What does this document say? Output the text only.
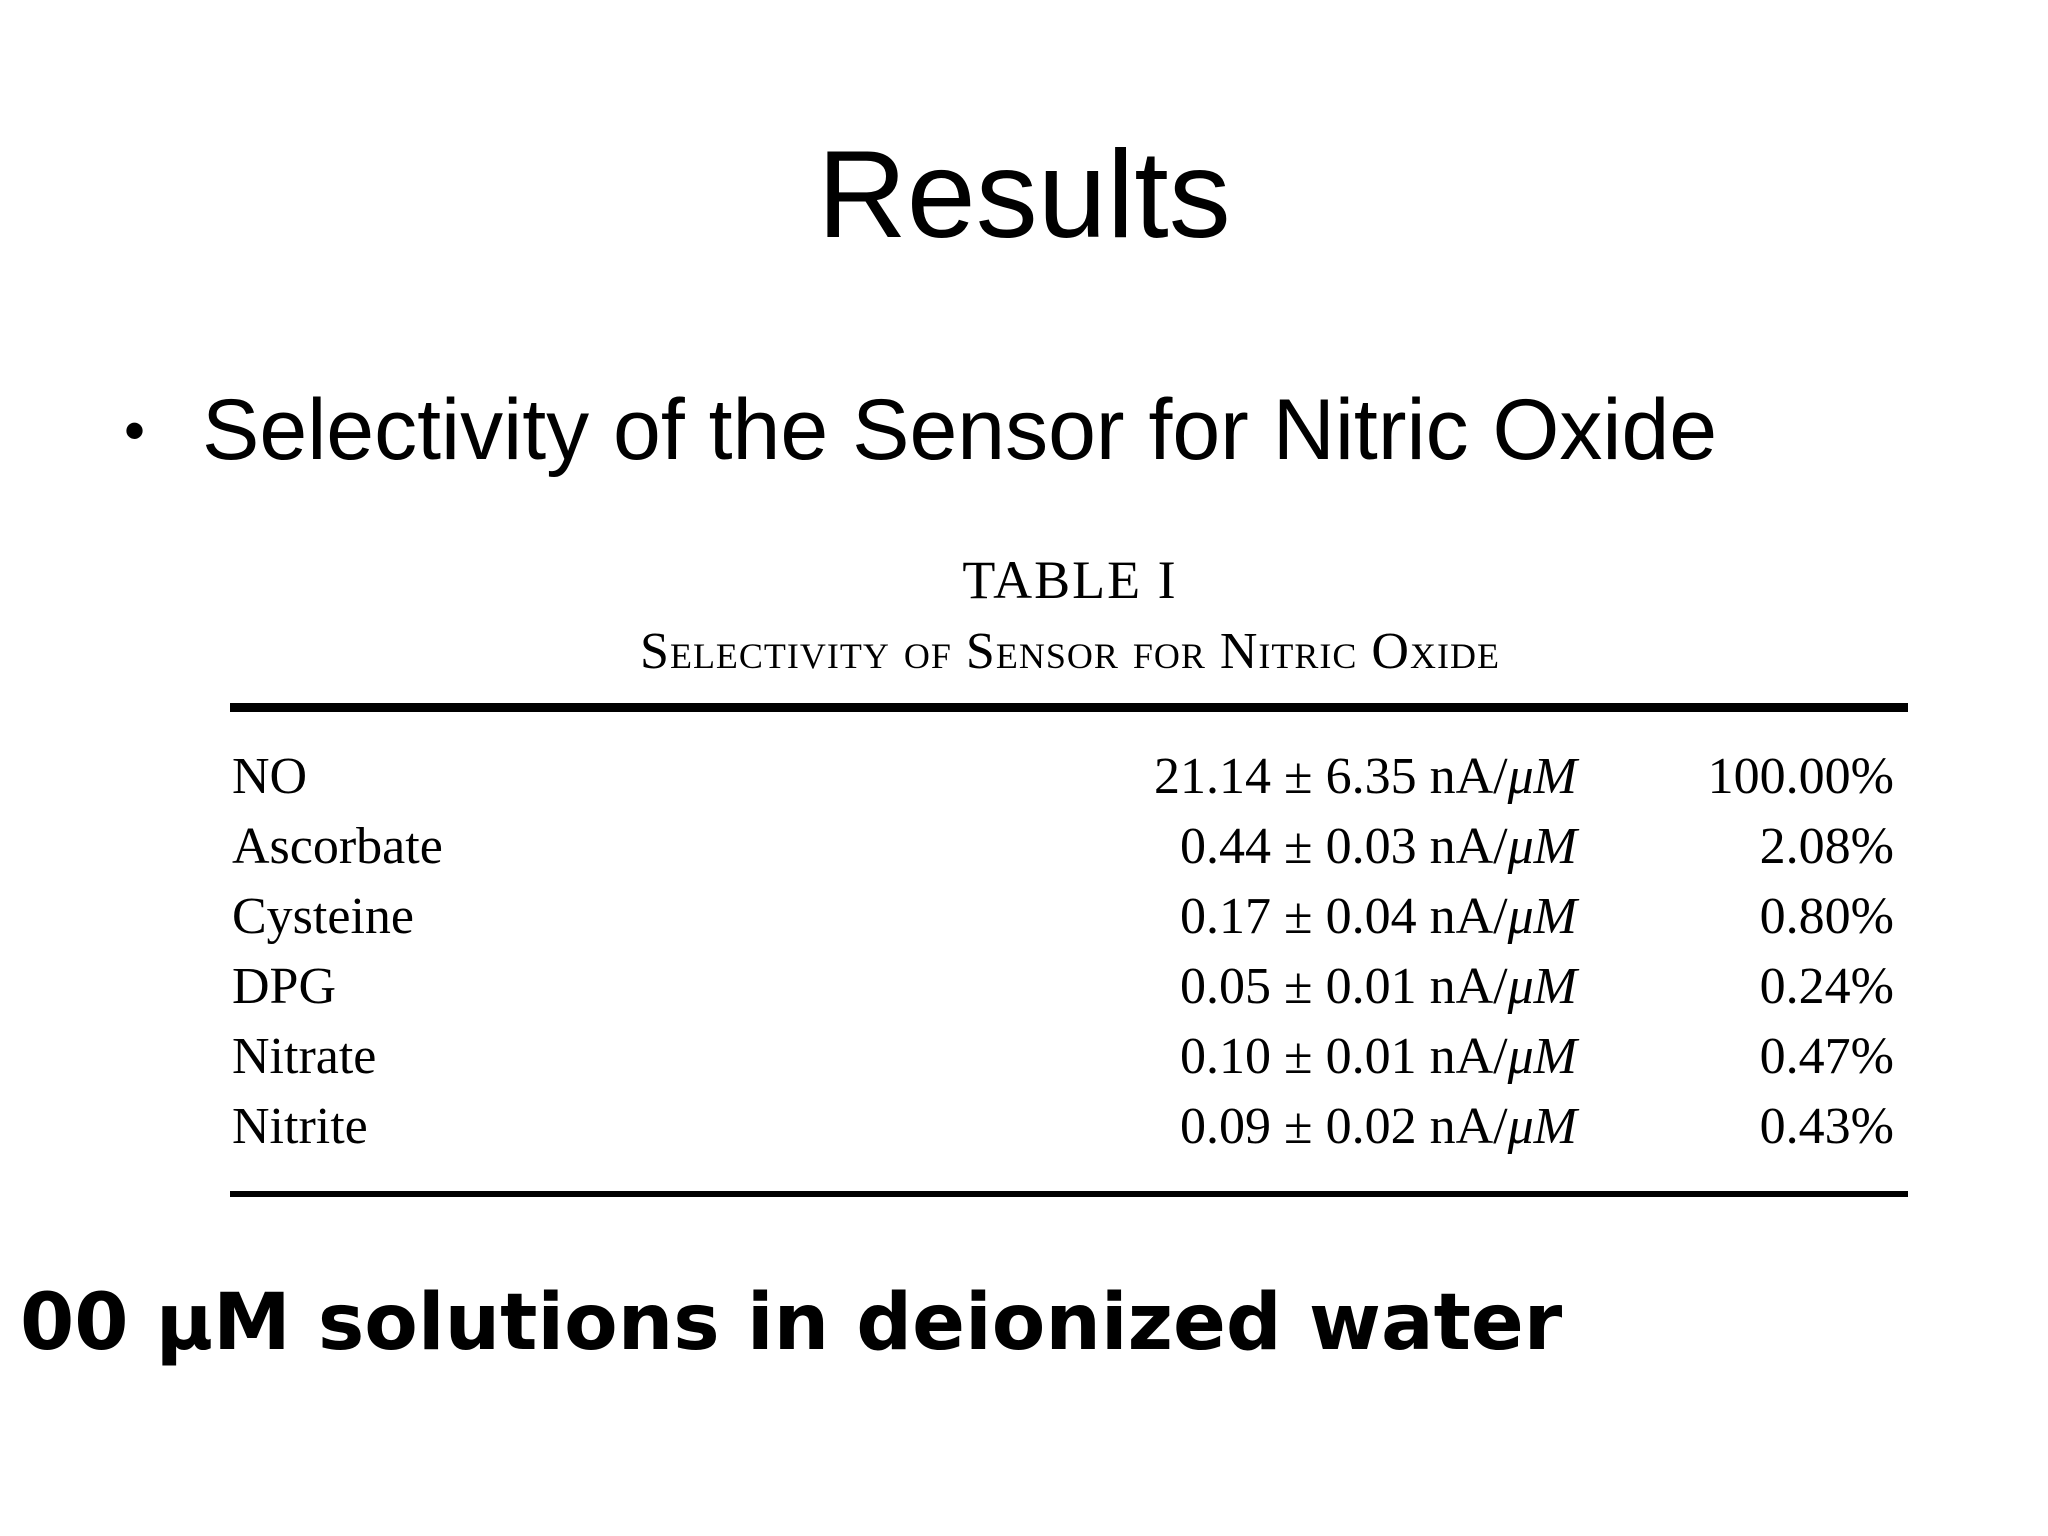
Results
• Selectivity of the Sensor for Nitric Oxide
TABLE I
Selectivity of Sensor for Nitric Oxide
NO	21.14 ± 6.35 nA/μM	100.00%
Ascorbate	0.44 ± 0.03 nA/μM	2.08%
Cysteine	0.17 ± 0.04 nA/μM	0.80%
DPG	0.05 ± 0.01 nA/μM	0.24%
Nitrate	0.10 ± 0.01 nA/μM	0.47%
Nitrite	0.09 ± 0.02 nA/μM	0.43%
00 μM solutions in deionized water
